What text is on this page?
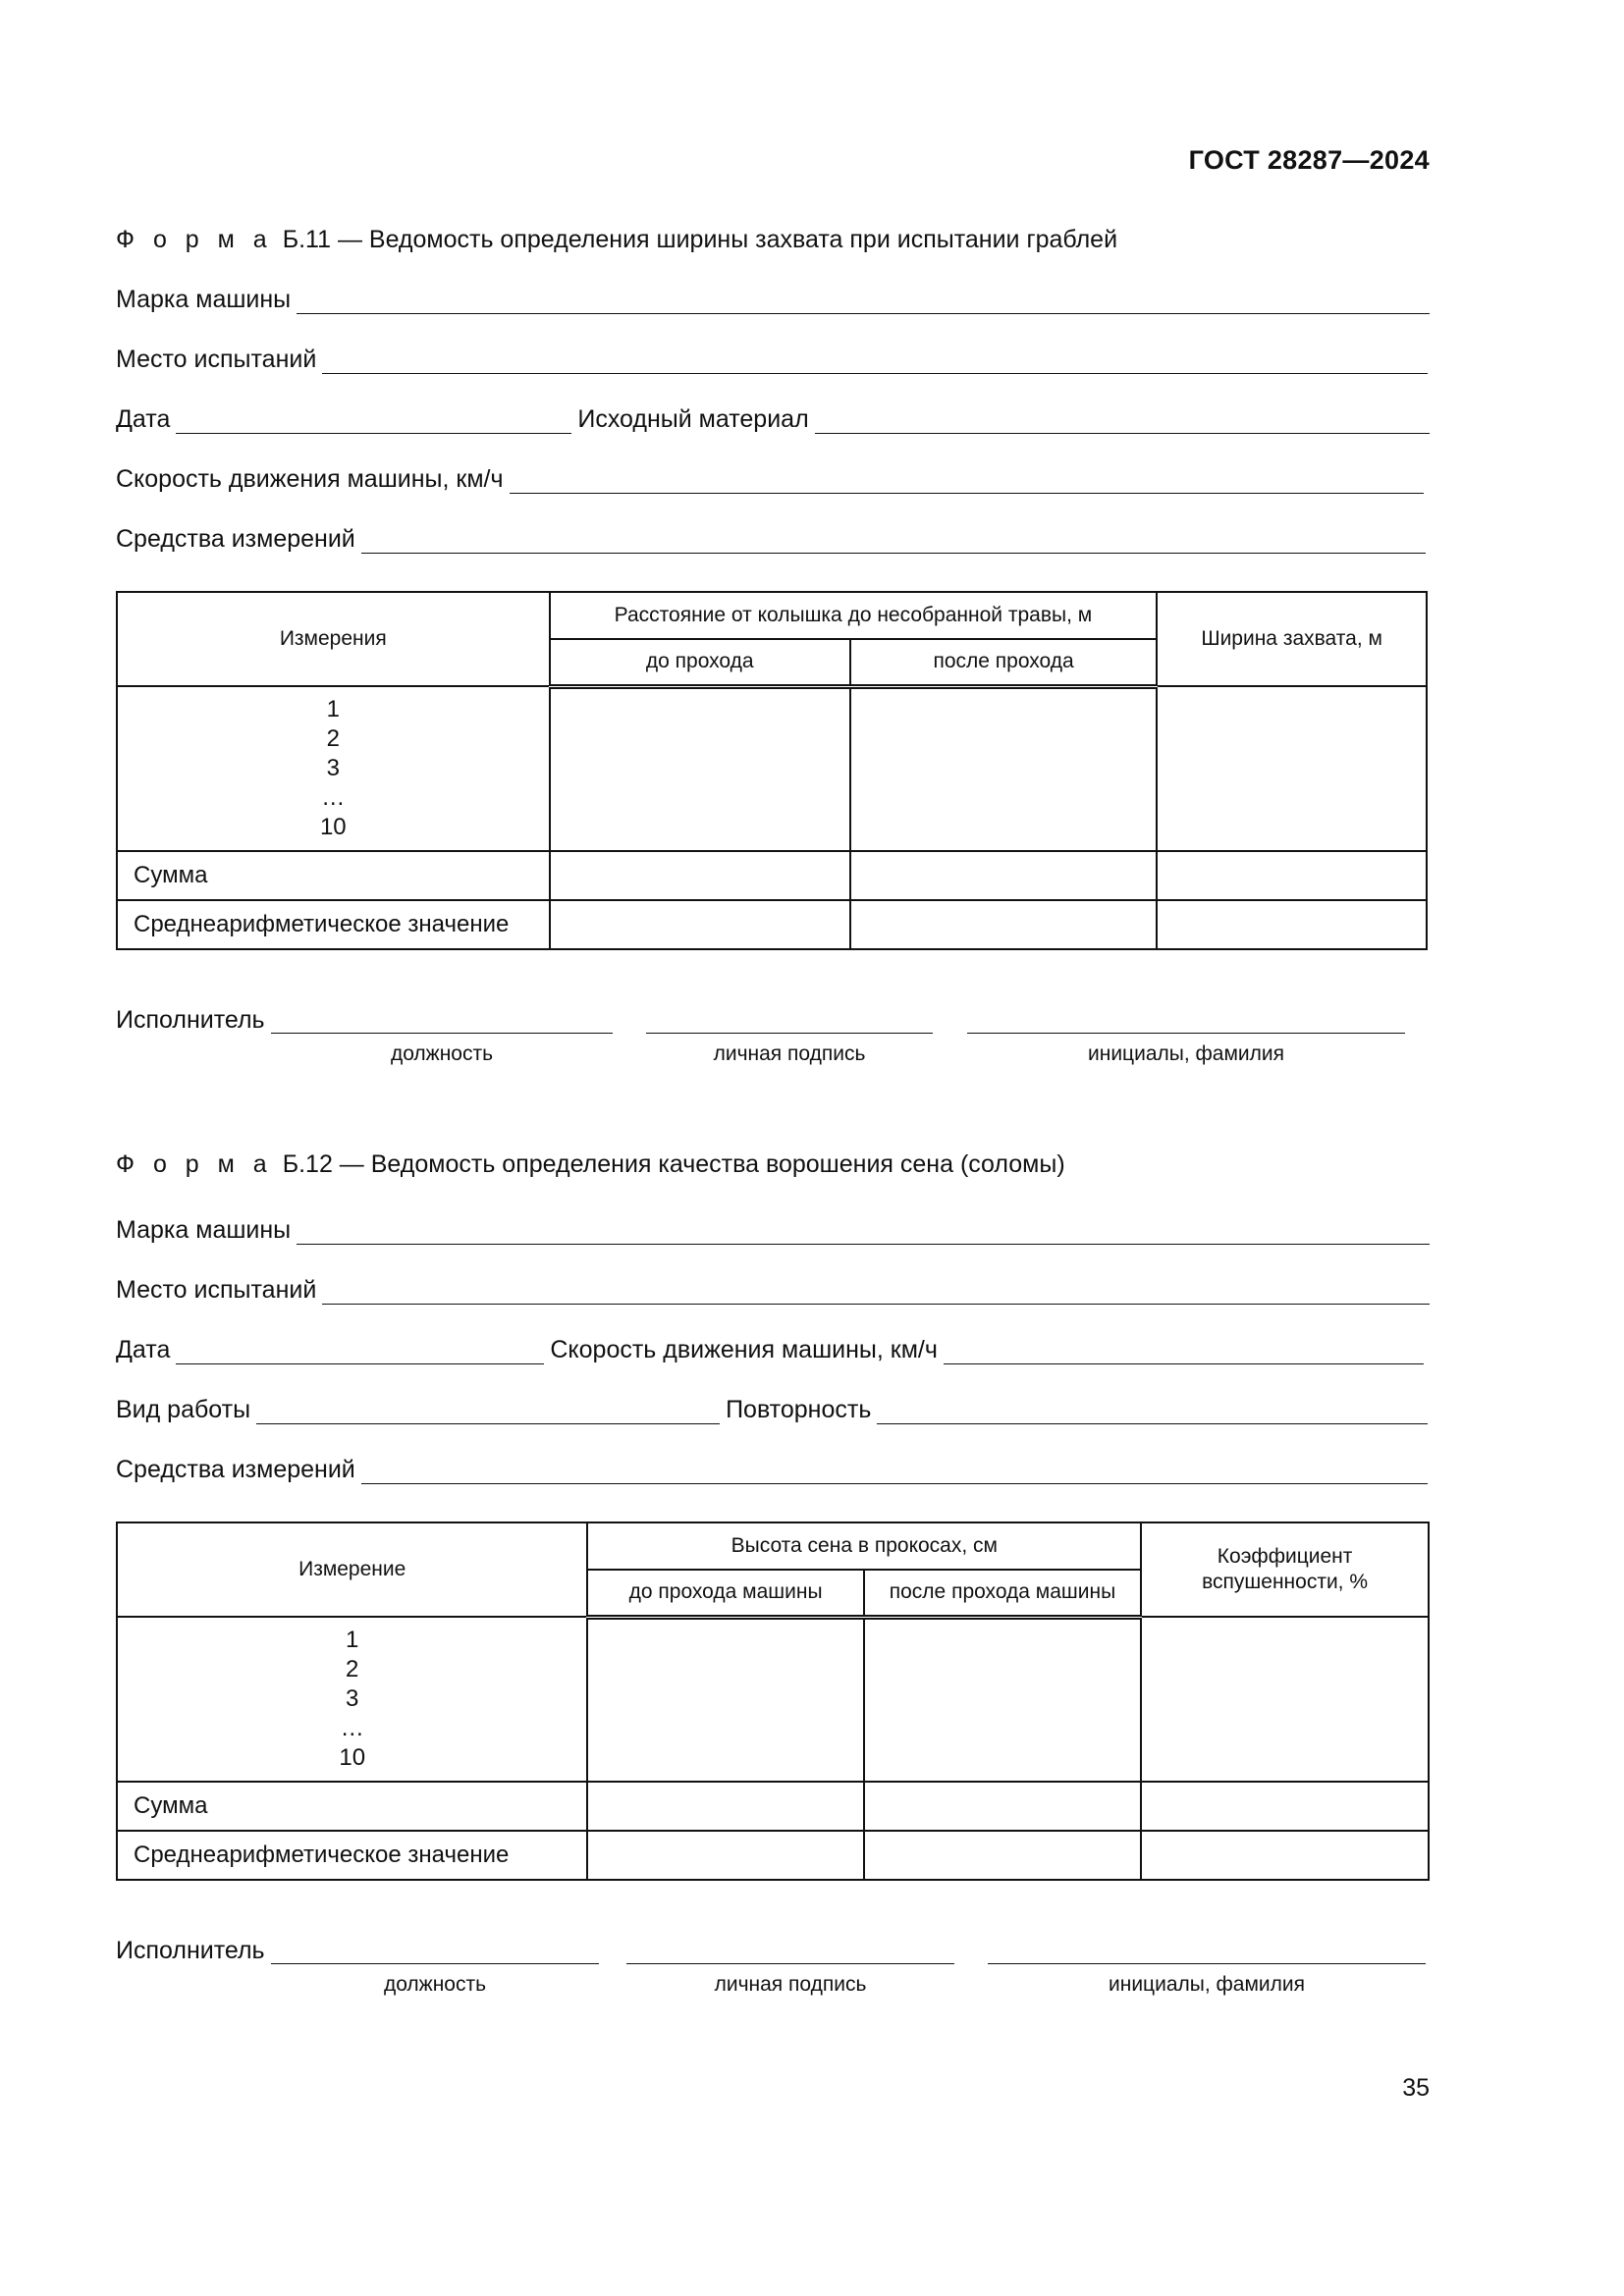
ГОСТ 28287—2024
Ф о р м а Б.11 — Ведомость определения ширины захвата при испытании граблей
Марка машины
Место испытаний
Дата	Исходный материал
Скорость движения машины, км/ч
Средства измерений
Измерения	Расстояние от колышка до несобранной травы, м		Ширина захвата, м
	до прохода	после прохода	

1
2
3
…
10			

Сумма			
Среднеарифметическое значение			
Исполнитель
должность	личная подпись	инициалы, фамилия
Ф о р м а Б.12 — Ведомость определения качества ворошения сена (соломы)
Марка машины
Место испытаний
Дата	Скорость движения машины, км/ч
Вид работы	Повторность
Средства измерений
Измерение	Высота сена в прокосах, см		Коэффициент вспушенности, %
	до прохода машины	после прохода машины	

1
2
3
…
10			

Сумма			
Среднеарифметическое значение			
Исполнитель
должность	личная подпись	инициалы, фамилия
35
